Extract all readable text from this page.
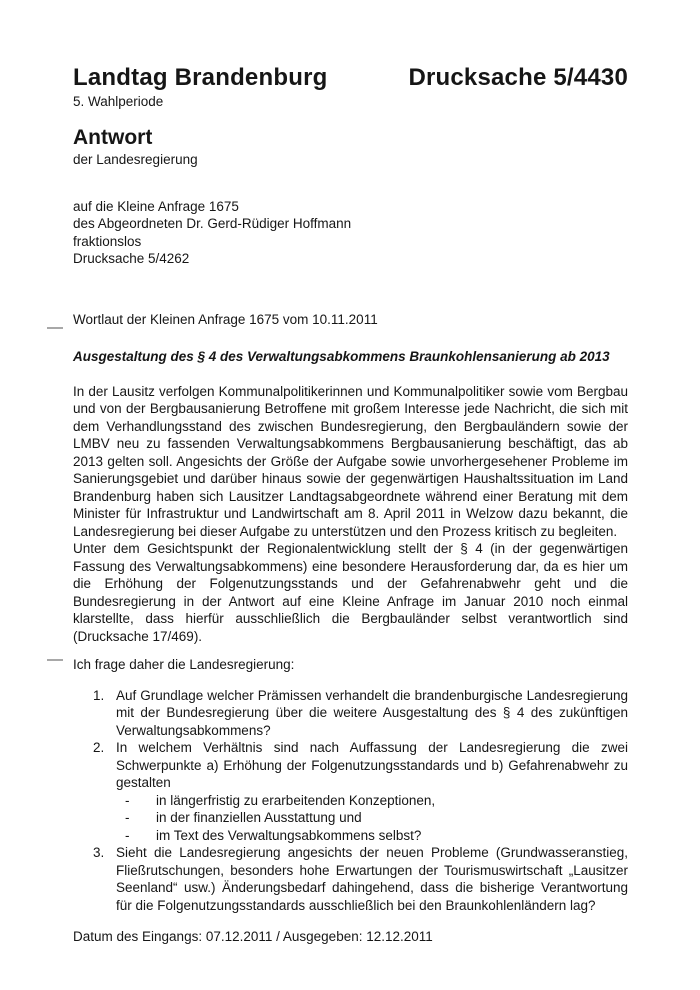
Landtag Brandenburg	Drucksache 5/4430
5. Wahlperiode
Antwort
der Landesregierung
auf die Kleine Anfrage 1675
des Abgeordneten Dr. Gerd-Rüdiger Hoffmann
fraktionslos
Drucksache 5/4262
Wortlaut der Kleinen Anfrage 1675 vom 10.11.2011
Ausgestaltung des § 4 des Verwaltungsabkommens Braunkohlensanierung ab 2013

In der Lausitz verfolgen Kommunalpolitikerinnen und Kommunalpolitiker sowie vom Bergbau und von der Bergbausanierung Betroffene mit großem Interesse jede Nachricht, die sich mit dem Verhandlungsstand des zwischen Bundesregierung, den Bergbauländern sowie der LMBV neu zu fassenden Verwaltungsabkommens Bergbausanierung beschäftigt, das ab 2013 gelten soll. Angesichts der Größe der Aufgabe sowie unvorhergesehener Probleme im Sanierungsgebiet und darüber hinaus sowie der gegenwärtigen Haushaltssituation im Land Brandenburg haben sich Lausitzer Landtagsabgeordnete während einer Beratung mit dem Minister für Infrastruktur und Landwirtschaft am 8. April 2011 in Welzow dazu bekannt, die Landesregierung bei dieser Aufgabe zu unterstützen und den Prozess kritisch zu begleiten.

Unter dem Gesichtspunkt der Regionalentwicklung stellt der § 4 (in der gegenwärtigen Fassung des Verwaltungsabkommens) eine besondere Herausforderung dar, da es hier um die Erhöhung der Folgenutzungsstands und der Gefahrenabwehr geht und die Bundesregierung in der Antwort auf eine Kleine Anfrage im Januar 2010 noch einmal klarstellte, dass hierfür ausschließlich die Bergbauländer selbst verantwortlich sind (Drucksache 17/469).

Ich frage daher die Landesregierung:
1. Auf Grundlage welcher Prämissen verhandelt die brandenburgische Landesregierung mit der Bundesregierung über die weitere Ausgestaltung des § 4 des zukünftigen Verwaltungsabkommens?
2. In welchem Verhältnis sind nach Auffassung der Landesregierung die zwei Schwerpunkte a) Erhöhung der Folgenutzungsstandards und b) Gefahrenabwehr zu gestalten
-	in längerfristig zu erarbeitenden Konzeptionen,
-	in der finanziellen Ausstattung und
-	im Text des Verwaltungsabkommens selbst?
3. Sieht die Landesregierung angesichts der neuen Probleme (Grundwasseranstieg, Fließrutschungen, besonders hohe Erwartungen der Tourismuswirtschaft „Lausitzer Seenland“ usw.) Änderungsbedarf dahingehend, dass die bisherige Verantwortung für die Folgenutzungsstandards ausschließlich bei den Braunkohlenländern lag?
Datum des Eingangs: 07.12.2011 / Ausgegeben: 12.12.2011
